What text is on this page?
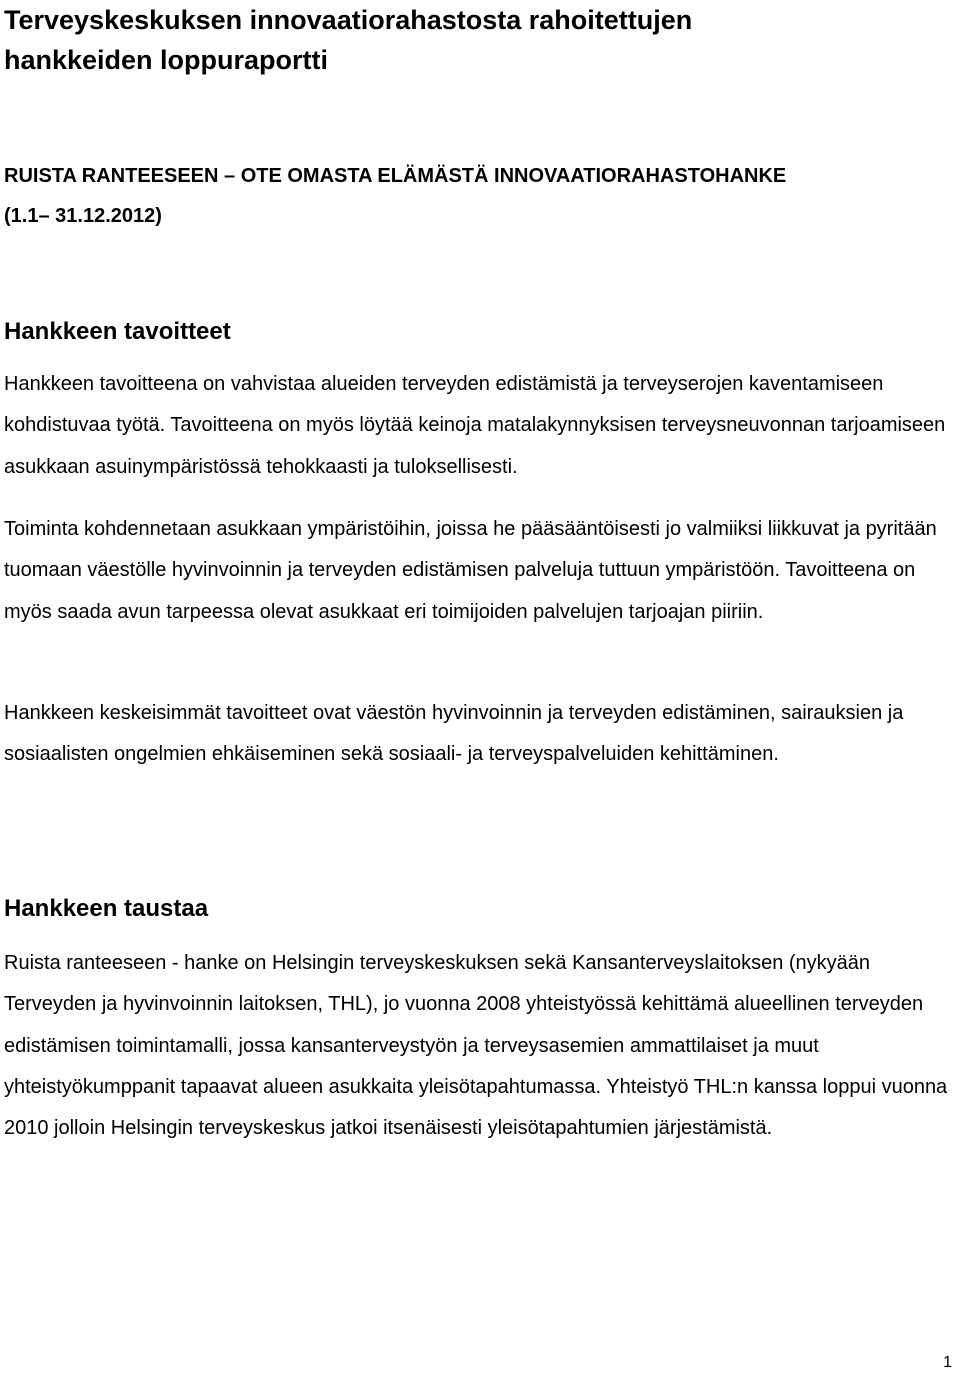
Terveyskeskuksen innovaatiorahastosta rahoitettujen
hankkeiden loppuraportti

RUISTA RANTEESEEN – OTE OMASTA ELÄMÄSTÄ INNOVAATIORAHASTOHANKE
(1.1– 31.12.2012)

Hankkeen tavoitteet

Hankkeen tavoitteena on vahvistaa alueiden terveyden edistämistä ja terveyserojen kaventamiseen kohdistuvaa työtä. Tavoitteena on myös löytää keinoja matalakynnyksisen terveysneuvonnan tarjoamiseen asukkaan asuinympäristössä tehokkaasti ja tuloksellisesti.

Toiminta kohdennetaan asukkaan ympäristöihin, joissa he pääsääntöisesti jo valmiiksi liikkuvat ja pyritään tuomaan väestölle hyvinvoinnin ja terveyden edistämisen palveluja tuttuun ympäristöön. Tavoitteena on myös saada avun tarpeessa olevat asukkaat eri toimijoiden palvelujen tarjoajan piiriin.

Hankkeen keskeisimmät tavoitteet ovat väestön hyvinvoinnin ja terveyden edistäminen, sairauksien ja sosiaalisten ongelmien ehkäiseminen sekä sosiaali- ja terveyspalveluiden kehittäminen.

Hankkeen taustaa

Ruista ranteeseen - hanke on Helsingin terveyskeskuksen sekä Kansanterveyslaitoksen (nykyään Terveyden ja hyvinvoinnin laitoksen, THL), jo vuonna 2008 yhteistyössä kehittämä alueellinen terveyden edistämisen toimintamalli, jossa kansanterveystyön ja terveysasemien ammattilaiset ja muut yhteistyökumppanit tapaavat alueen asukkaita yleisötapahtumassa. Yhteistyö THL:n kanssa loppui vuonna 2010 jolloin Helsingin terveyskeskus jatkoi itsenäisesti yleisötapahtumien järjestämistä.

1
